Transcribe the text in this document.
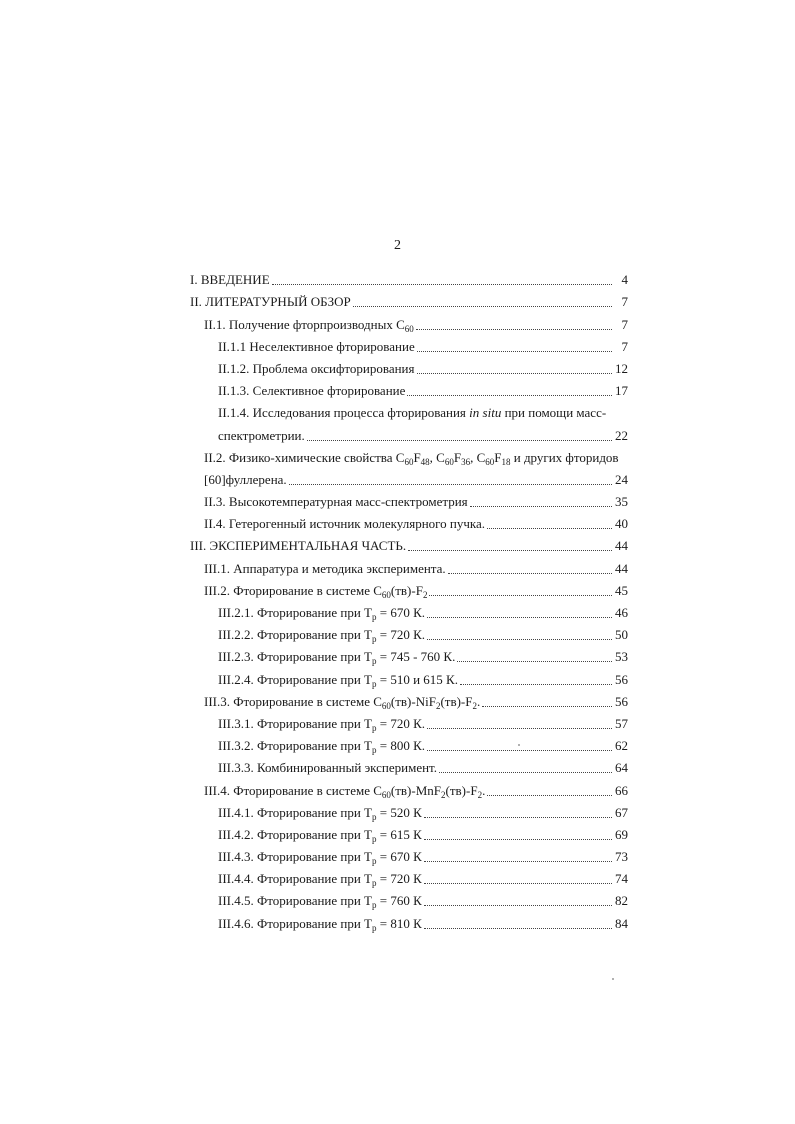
2
I. ВВЕДЕНИЕ	4
II. ЛИТЕРАТУРНЫЙ ОБЗОР	7
II.1. Получение фторпроизводных $С_{60}$	7
II.1.1 Неселективное фторирование	7
II.1.2. Проблема оксифторирования	12
II.1.3. Селективное фторирование	17
II.1.4. Исследования процесса фторирования in situ при помощи масс-
спектрометрии.	22
II.2. Физико-химические свойства $С_{60}F_{48}$, $C_{60}F_{36}$, $C_{60}F_{18}$ и других фторидов
[60]фуллерена.	24
II.3. Высокотемпературная масс-спектрометрия	35
II.4. Гетерогенный источник молекулярного пучка.	40
III. ЭКСПЕРИМЕНТАЛЬНАЯ ЧАСТЬ.	44
III.1. Аппаратура и методика эксперимента.	44
III.2. Фторирование в системе $С_{60}(тв)-F_2$	45
III.2.1. Фторирование при $Т_р = 670$ К.	46
III.2.2. Фторирование при $Т_р = 720$ К.	50
III.2.3. Фторирование при $Т_р = 745 - 760$ К.	53
III.2.4. Фторирование при $Т_р = 510$ и 615 К.	56
III.3. Фторирование в системе $С_{60}(тв)-NiF_2(тв)-F_2$.	56
III.3.1. Фторирование при $Т_р = 720$ К.	57
III.3.2. Фторирование при $Т_р = 800$ К.	62
III.3.3. Комбинированный эксперимент.	64
III.4. Фторирование в системе $С_{60}(тв)-MnF_2(тв)-F_2$.	66
III.4.1. Фторирование при $Т_р = 520$ К	67
III.4.2. Фторирование при $Т_р = 615$ К	69
III.4.3. Фторирование при $Т_р = 670$ К	73
III.4.4. Фторирование при $Т_р = 720$ К	74
III.4.5. Фторирование при $Т_р = 760$ К	82
III.4.6. Фторирование при $Т_р = 810$ К	84
